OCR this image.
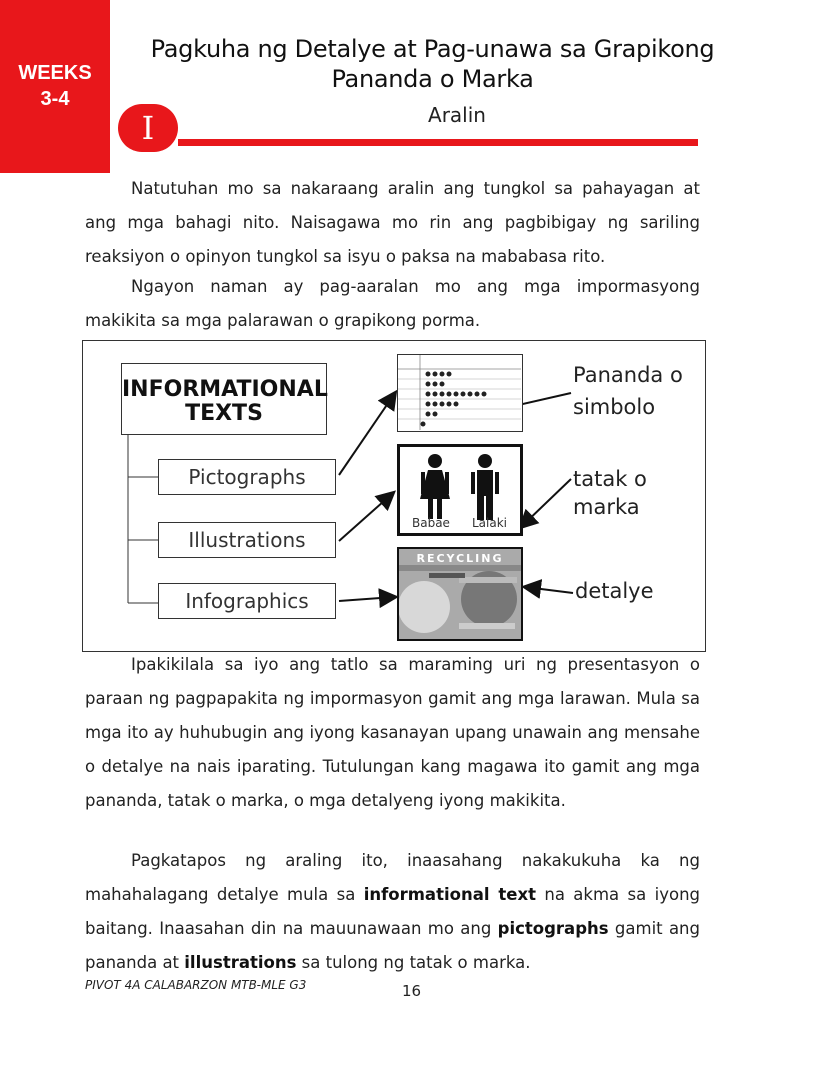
WEEKS
3-4
Pagkuha ng Detalye at Pag-unawa sa Grapikong
Pananda o Marka
I	Aralin
Natutuhan mo sa nakaraang aralin ang tungkol sa pahayagan at ang mga bahagi nito. Naisagawa mo rin ang pagbibigay ng sariling reaksiyon o opinyon tungkol sa isyu o paksa na mababasa rito.
Ngayon naman ay pag-aaralan mo ang mga impormasyong makikita sa mga palarawan o grapikong porma.
INFORMATIONAL
TEXTS
Pictographs
Illustrations
Infographics
Babae Lalaki
RECYCLING
Pananda o
simbolo
tatak o
marka
detalye
Ipakikilala sa iyo ang tatlo sa maraming uri ng presentasyon o paraan ng pagpapakita ng impormasyon gamit ang mga larawan. Mula sa mga ito ay huhubugin ang iyong kasanayan upang unawain ang mensahe o detalye na nais iparating. Tutulungan kang magawa ito gamit ang mga pananda, tatak o marka, o mga detalyeng iyong makikita.
Pagkatapos ng araling ito, inaasahang nakakukuha ka ng mahahalagang detalye mula sa informational text na akma sa iyong baitang. Inaasahan din na mauunawaan mo ang pictographs gamit ang pananda at illustrations sa tulong ng tatak o marka.
PIVOT 4A CALABARZON MTB-MLE G3	16
